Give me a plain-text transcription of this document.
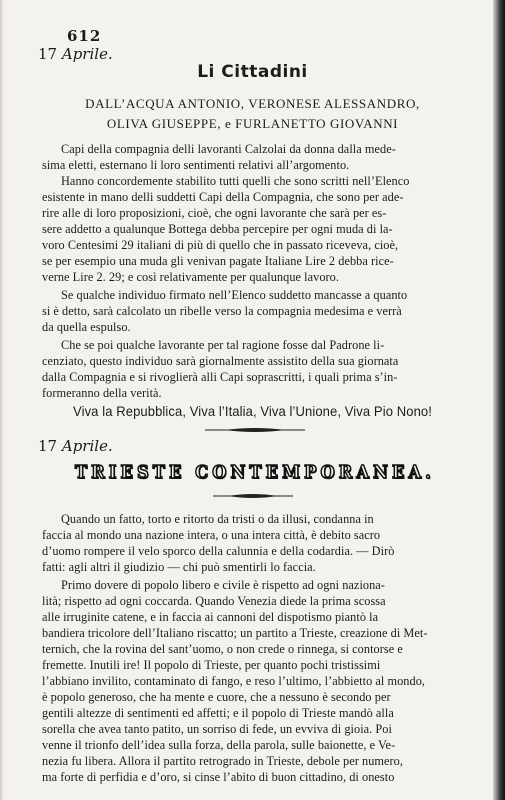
612
17 Aprile.
Li Cittadini
DALL’ACQUA ANTONIO, VERONESE ALESSANDRO,
OLIVA GIUSEPPE, e FURLANETTO GIOVANNI
Capi della compagnia delli lavoranti Calzolai da donna dalla mede-
sima eletti, esternano li loro sentimenti relativi all’argomento.
Hanno concordemente stabilito tutti quelli che sono scritti nell’Elenco
esistente in mano delli suddetti Capi della Compagnia, che sono per ade-
rire alle di loro proposizioni, cioè, che ogni lavorante che sarà per es-
sere addetto a qualunque Bottega debba percepire per ogni muda di la-
voro Centesimi 29 italiani di più di quello che in passato riceveva, cioè,
se per esempio una muda gli venivan pagate Italiane Lire 2 debba rice-
verne Lire 2. 29; e così relativamente per qualunque lavoro.
Se qualche individuo firmato nell’Elenco suddetto mancasse a quanto
si è detto, sarà calcolato un ribelle verso la compagnia medesima e verrà
da quella espulso.
Che se poi qualche lavorante per tal ragione fosse dal Padrone li-
cenziato, questo individuo sarà giornalmente assistito della sua giornata
dalla Compagnia e si rivoglierà alli Capi soprascritti, i quali prima s’in-
formeranno della verità.
Viva la Repubblica, Viva l’Italia, Viva l’Unione, Viva Pio Nono!
17 Aprile.
TRIESTE CONTEMPORANEA.
Quando un fatto, torto e ritorto da tristi o da illusi, condanna in
faccia al mondo una nazione intera, o una intera città, è debito sacro
d’uomo rompere il velo sporco della calunnia e della codardia. — Dirò
fatti: agli altri il giudizio — chi può smentirli lo faccia.
Primo dovere di popolo libero e civile è rispetto ad ogni naziona-
lità; rispetto ad ogni coccarda. Quando Venezia diede la prima scossa
alle irruginite catene, e in faccia ai cannoni del dispotismo piantò la
bandiera tricolore dell’Italiano riscatto; un partito a Trieste, creazione di Met-
ternich, che la rovina del sant’uomo, o non crede o rinnega, si contorse e
fremette. Inutili ire! Il popolo di Trieste, per quanto pochi tristissimi
l’abbiano invilito, contaminato di fango, e reso l’ultimo, l’abbietto al mondo,
è popolo generoso, che ha mente e cuore, che a nessuno è secondo per
gentili altezze di sentimenti ed affetti; e il popolo di Trieste mandò alla
sorella che avea tanto patito, un sorriso di fede, un evviva di gioia. Poi
venne il trionfo dell’idea sulla forza, della parola, sulle baionette, e Ve-
nezia fu libera. Allora il partito retrogrado in Trieste, debole per numero,
ma forte di perfidia e d’oro, si cinse l’abito di buon cittadino, di onesto
